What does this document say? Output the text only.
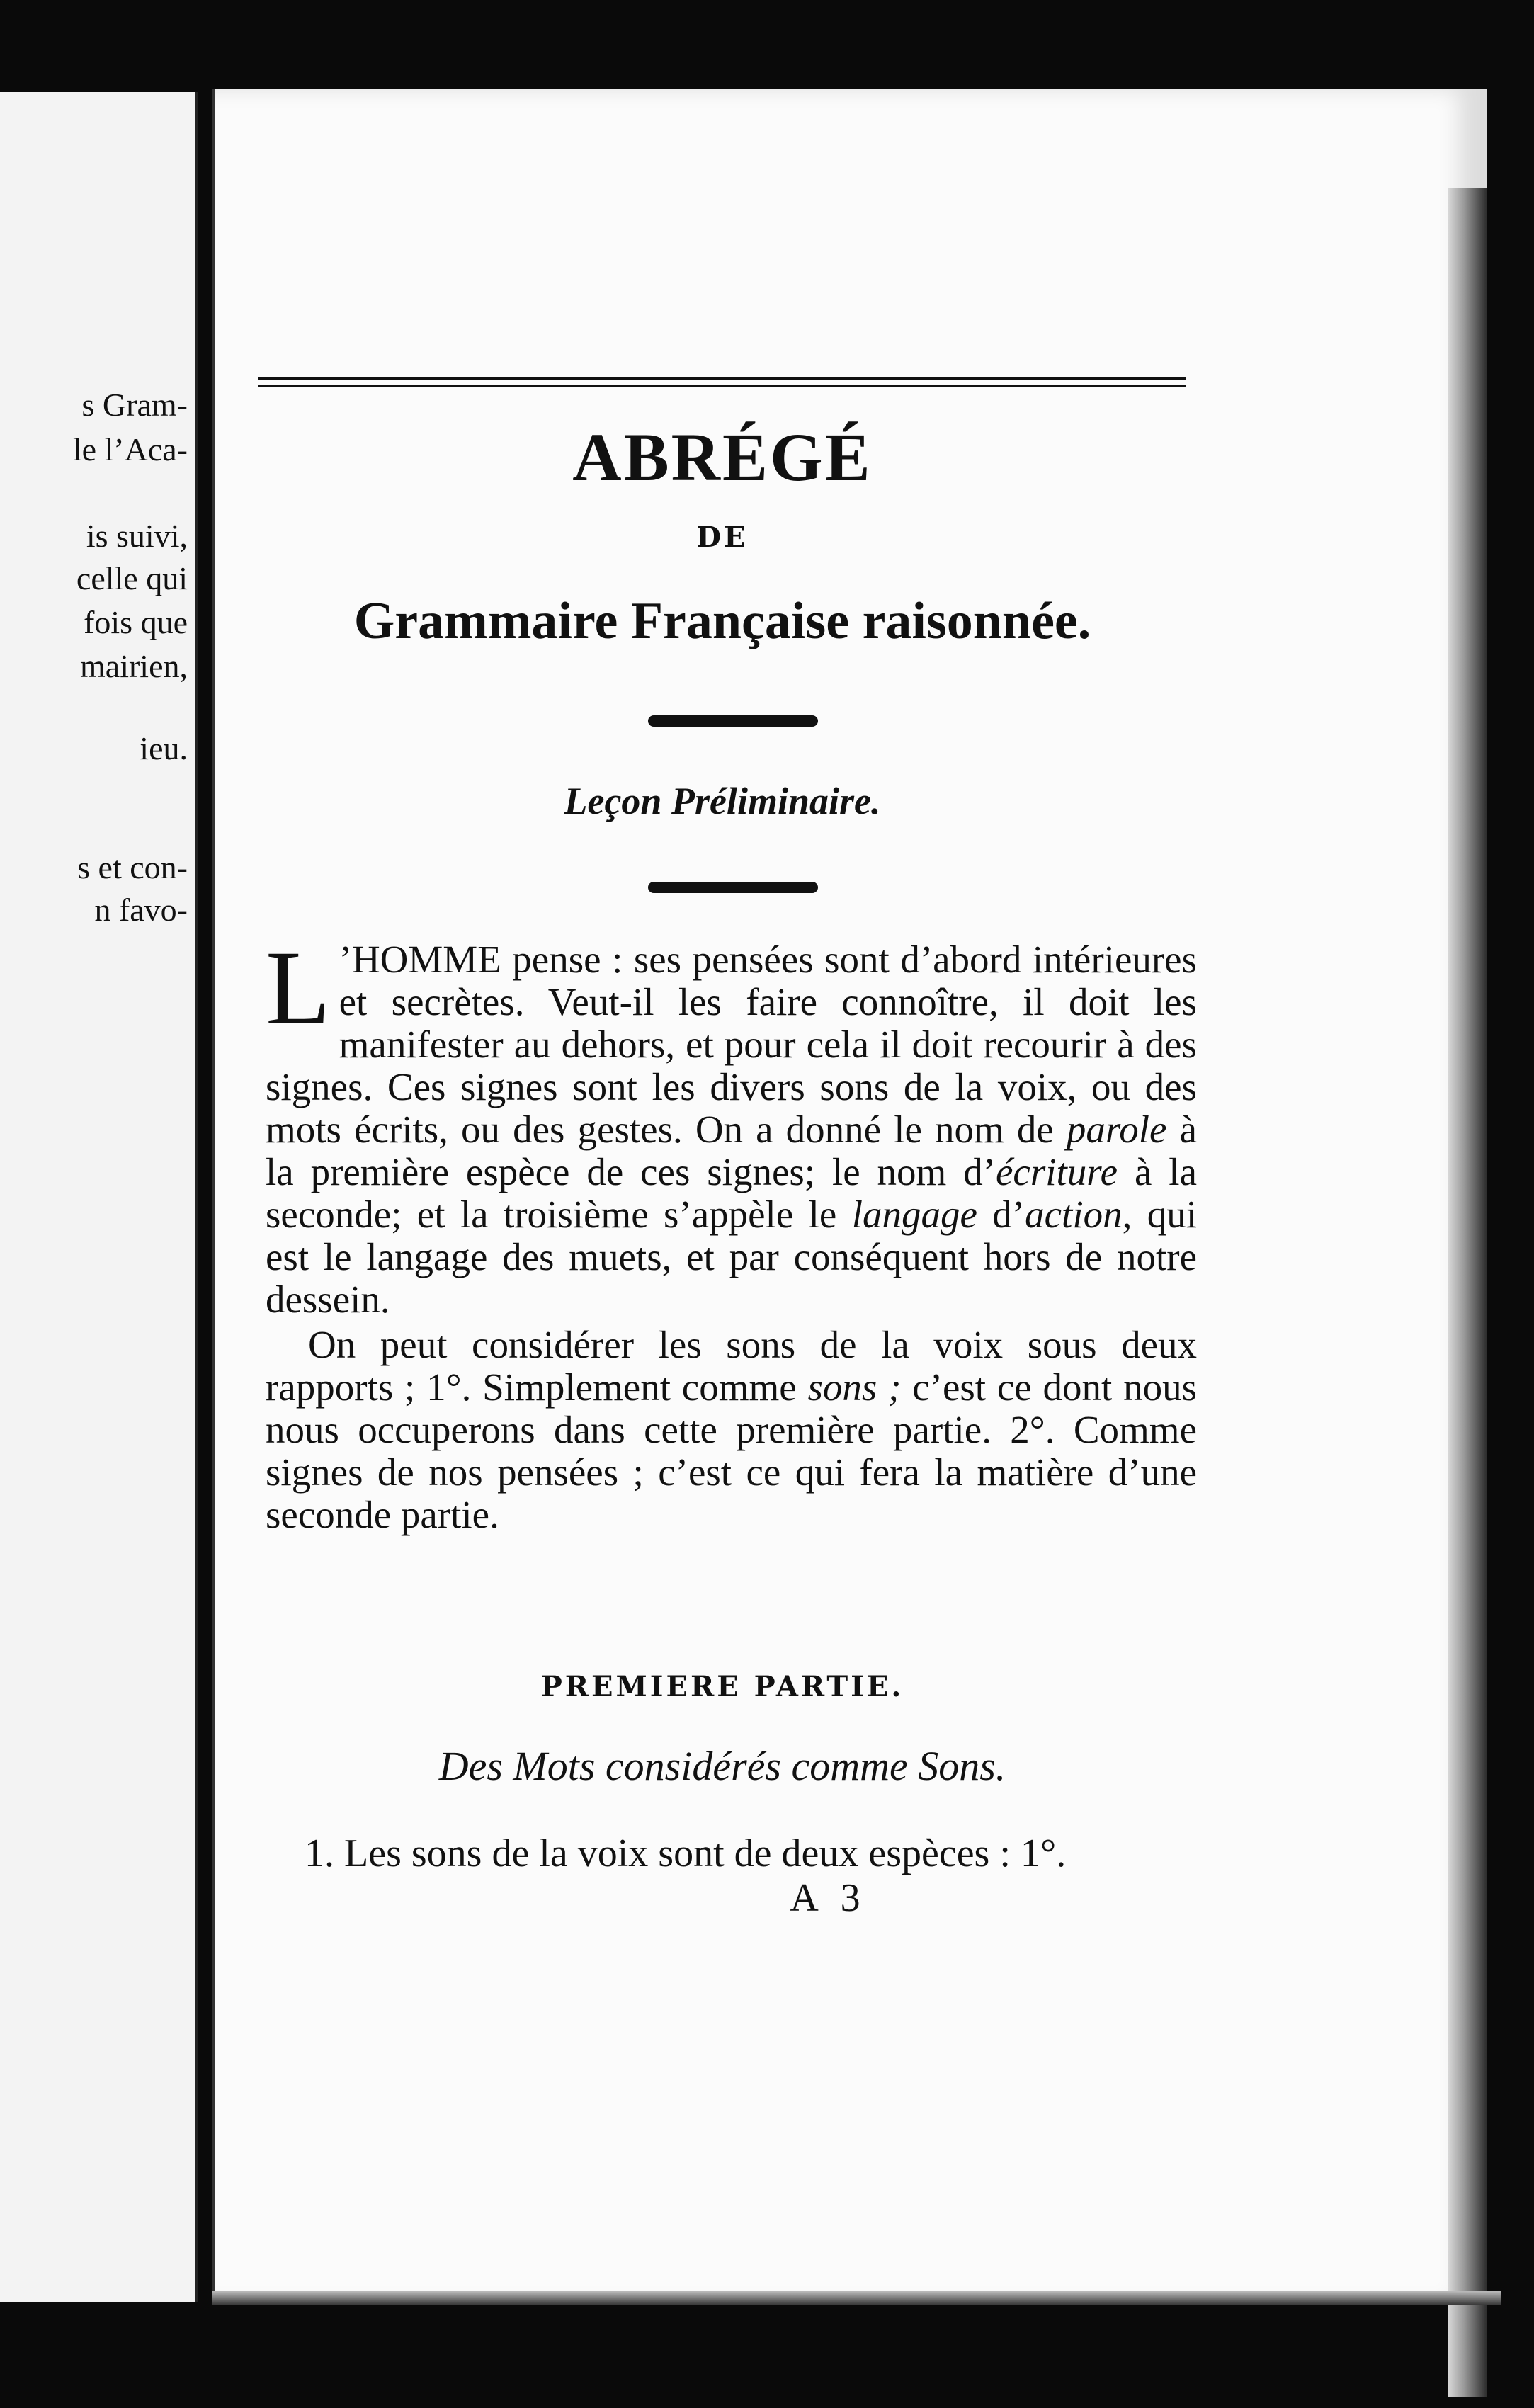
s Gram-
le l’Aca-
is suivi,
celle qui
fois que
mairien,
ieu.
s et con-
n favo-
ABRÉGÉ
DE
Grammaire Française raisonnée.
Leçon Préliminaire.

L ’HOMME pense : ses pensées sont d’abord intérieures et secrètes. Veut-il les faire connoître, il doit les manifester au dehors, et pour cela il doit recourir à des signes. Ces signes sont les divers sons de la voix, ou des mots écrits, ou des gestes. On a donné le nom de parole à la première espèce de ces signes; le nom d’écriture à la seconde; et la troisième s’appèle le langage d’action, qui est le langage des muets, et par conséquent hors de notre dessein.

On peut considérer les sons de la voix sous deux rapports ; 1°. Simplement comme sons ; c’est ce dont nous nous occuperons dans cette première partie. 2°. Comme signes de nos pensées ; c’est ce qui fera la matière d’une seconde partie.

PREMIERE PARTIE.
Des Mots considérés comme Sons.
1. Les sons de la voix sont de deux espèces : 1°.
A 3
